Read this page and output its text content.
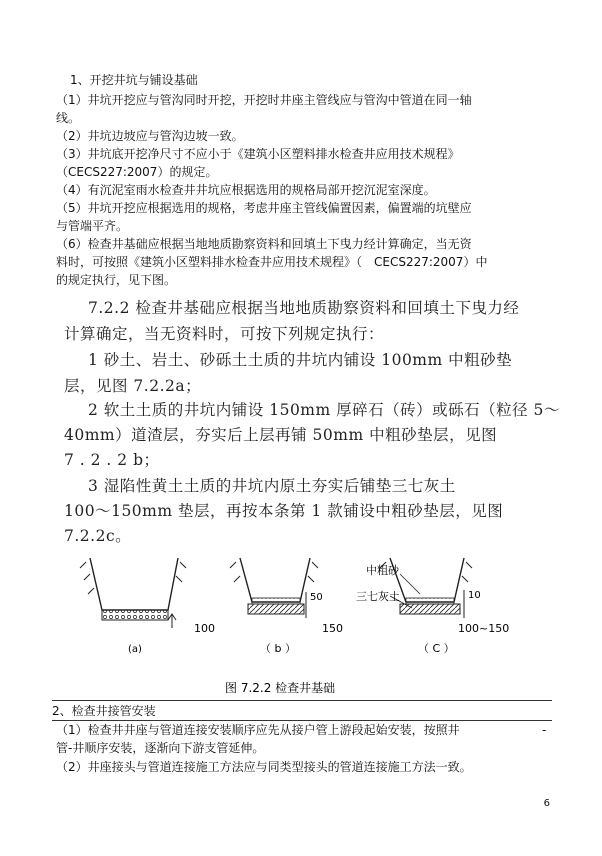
1、开挖井坑与铺设基础
（1）井坑开挖应与管沟同时开挖，开挖时井座主管线应与管沟中管道在同一轴
线。
（2）井坑边坡应与管沟边坡一致。
（3）井坑底开挖净尺寸不应小于《建筑小区塑料排水检查井应用技术规程》
（CECS227:2007）的规定。
（4）有沉泥室雨水检查井井坑应根据选用的规格局部开挖沉泥室深度。
（5）井坑开挖应根据选用的规格，考虑井座主管线偏置因素，偏置端的坑壁应
与管端平齐。
（6）检查井基础应根据当地地质勘察资料和回填土下曳力经计算确定，当无资
料时，可按照《建筑小区塑料排水检查井应用技术规程》（　CECS227:2007）中
的规定执行，见下图。
7.2.2 检查井基础应根据当地地质勘察资料和回填土下曳力经
计算确定，当无资料时，可按下列规定执行：
1 砂土、岩土、砂砾土土质的井坑内铺设 100mm 中粗砂垫
层，见图 7.2.2a；
2 软土土质的井坑内铺设 150mm 厚碎石（砖）或砾石（粒径 5～
40mm）道渣层，夯实后上层再铺 50mm 中粗砂垫层，见图
7 . 2 . 2 b；
3 湿陷性黄土土质的井坑内原土夯实后铺垫三七灰土
100～150mm 垫层，再按本条第 1 款铺设中粗砂垫层，见图
7.2.2c。
100
(a)
50
150
（ b ）
中粗砂
三七灰土	10
100~150
（ C ）
图 7.2.2 检查井基础
2、检查井接管安装
（1）检查井井座与管道连接安装顺序应先从接户管上游段起始安装，按照井	-
管-井顺序安装，逐渐向下游支管延伸。
（2）井座接头与管道连接施工方法应与同类型接头的管道连接施工方法一致。
6
